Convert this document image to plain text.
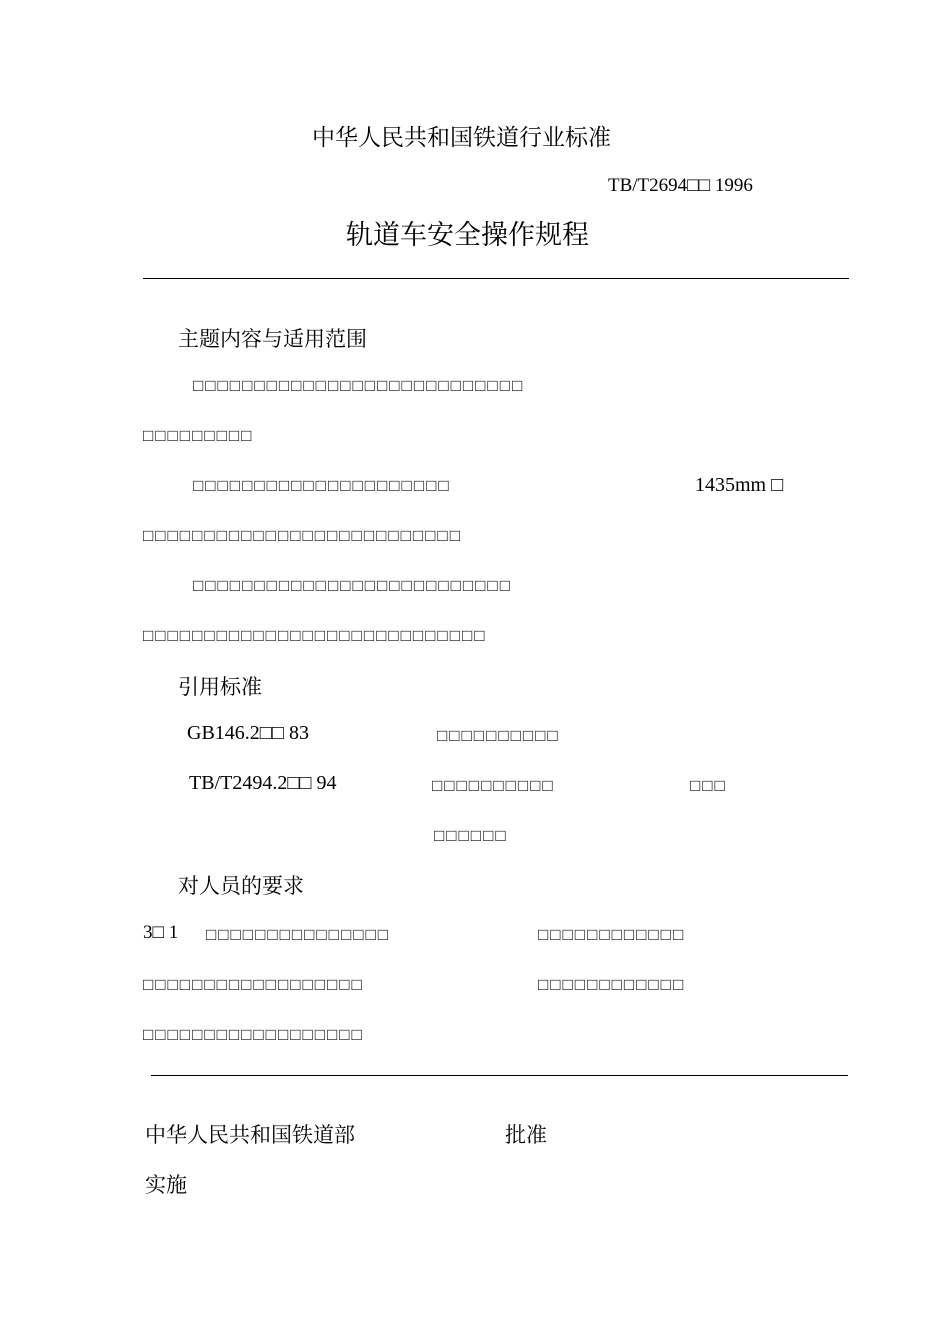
中华人民共和国铁道行业标准
TB/T2694□□ 1996
轨道车安全操作规程
主题内容与适用范围
□□□□□□□□□□□□□□□□□□□□□□□□□□□
□□□□□□□□□
□□□□□□□□□□□□□□□□□□□□□	1435mm □
□□□□□□□□□□□□□□□□□□□□□□□□□□
□□□□□□□□□□□□□□□□□□□□□□□□□□
□□□□□□□□□□□□□□□□□□□□□□□□□□□□
引用标准
GB146.2□□ 83	□□□□□□□□□□
TB/T2494.2□□ 94	□□□□□□□□□□	□□□
□□□□□□
对人员的要求
3□ 1 □□□□□□□□□□□□□□□	□□□□□□□□□□□□
□□□□□□□□□□□□□□□□□□	□□□□□□□□□□□□
□□□□□□□□□□□□□□□□□□
中华人民共和国铁道部	批准
实施
